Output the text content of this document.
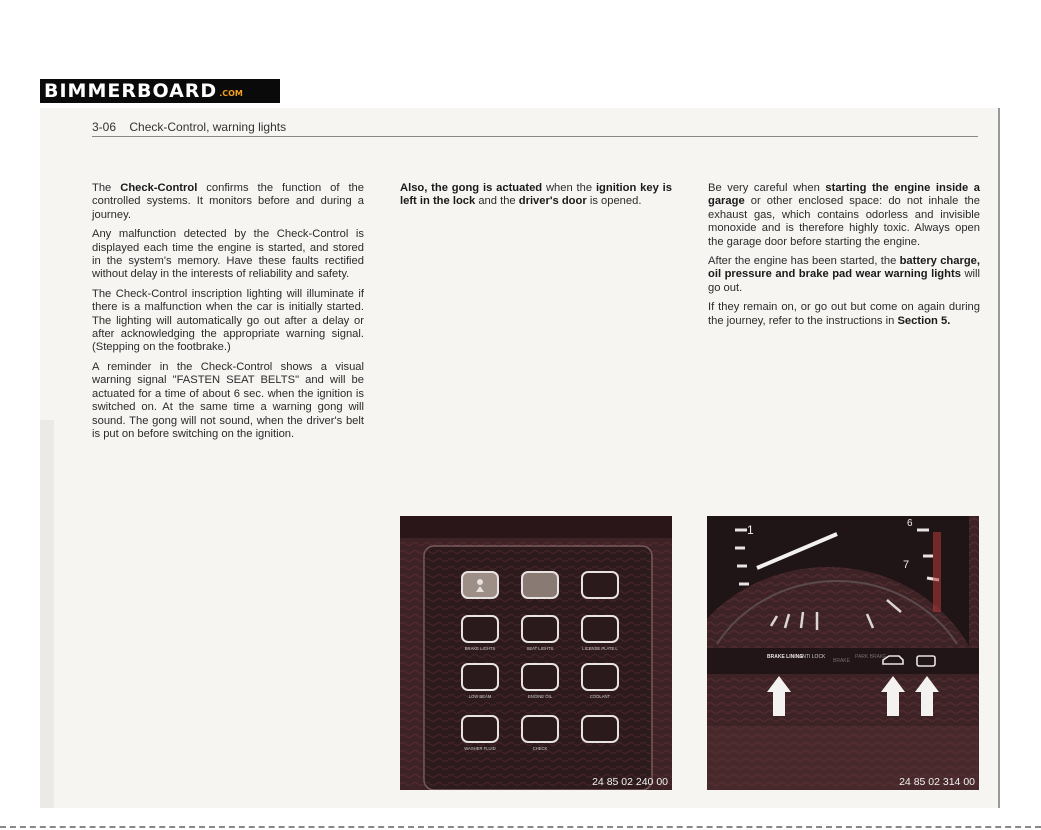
BIMMERBOARD .COM
3-06 Check-Control, warning lights

The Check-Control confirms the function of the controlled systems. It monitors before and during a journey.

Any malfunction detected by the Check-Control is displayed each time the engine is started, and stored in the system's memory. Have these faults rectified without delay in the interests of reliability and safety.

The Check-Control inscription lighting will illuminate if there is a malfunction when the car is initially started. The lighting will automatically go out after a delay or after acknowledging the appropriate warning signal. (Stepping on the footbrake.)

A reminder in the Check-Control shows a visual warning signal "FASTEN SEAT BELTS" and will be actuated for a time of about 6 sec. when the ignition is switched on. At the same time a warning gong will sound. The gong will not sound, when the driver's belt is put on before switching on the ignition.

Also, the gong is actuated when the ignition key is left in the lock and the driver's door is opened.

Be very careful when starting the engine inside a garage or other enclosed space: do not inhale the exhaust gas, which contains odorless and invisible monoxide and is therefore highly toxic. Always open the garage door before starting the engine.

After the engine has been started, the battery charge, oil pressure and brake pad wear warning lights will go out.

If they remain on, or go out but come on again during the journey, refer to the instructions in Section 5.

BRAKE LIGHTS	SEAT LIGHTS	LICENSE PLATE L
LOW BEAM	ENGINE OIL	COOLANT
WASHER FLUID	CHECK
24 85 02 240 00
1	6
7
BRAKE LINING
ANTI LOCK
BRAKE
PARK BRAKE
24 85 02 314 00
